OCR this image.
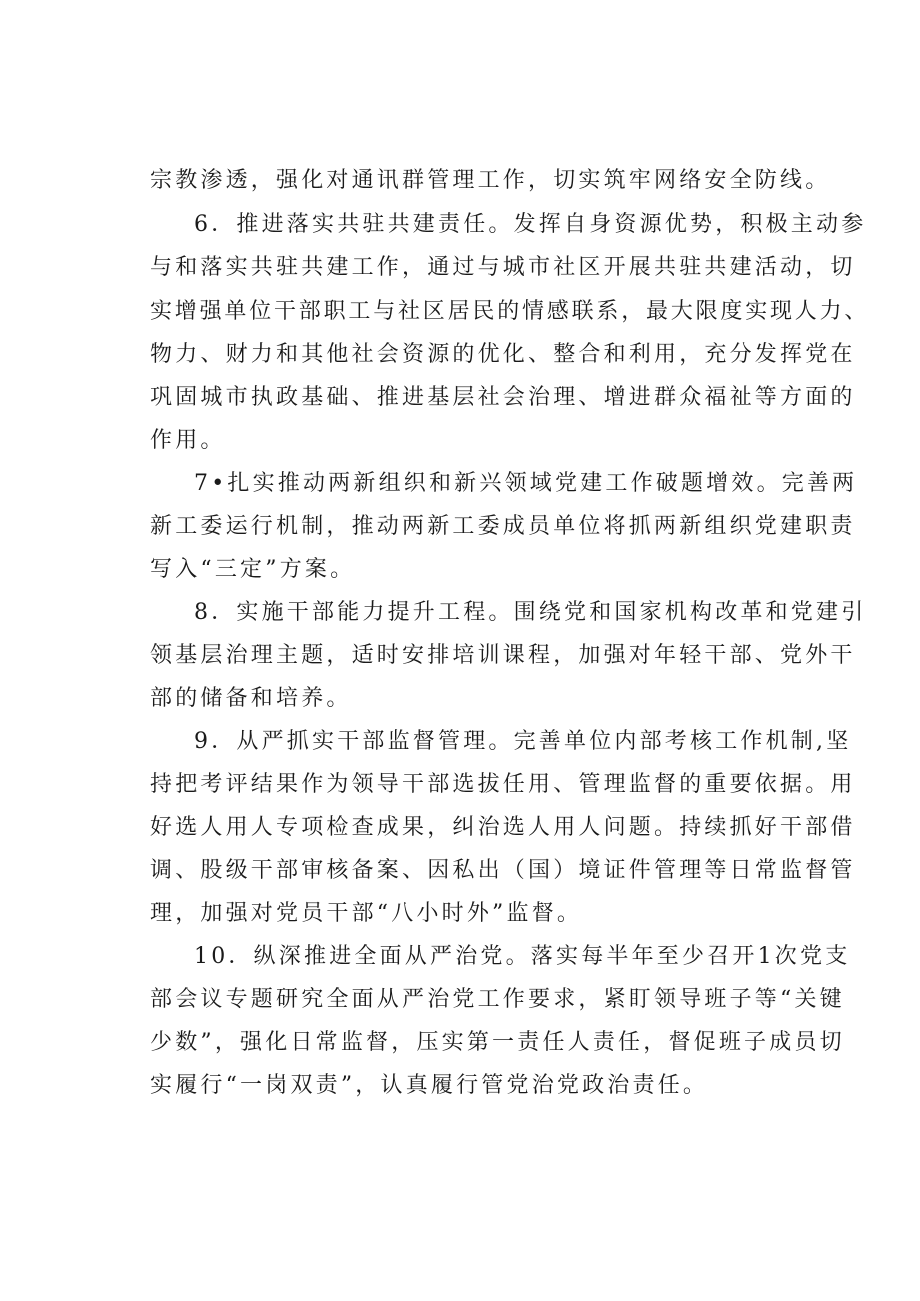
宗教渗透，强化对通讯群管理工作，切实筑牢网络安全防线。
6．推进落实共驻共建责任。发挥自身资源优势，积极主动参
与和落实共驻共建工作，通过与城市社区开展共驻共建活动，切
实增强单位干部职工与社区居民的情感联系，最大限度实现人力、
物力、财力和其他社会资源的优化、整合和利用，充分发挥党在
巩固城市执政基础、推进基层社会治理、增进群众福祉等方面的
作用。
7•扎实推动两新组织和新兴领域党建工作破题增效。完善两
新工委运行机制，推动两新工委成员单位将抓两新组织党建职责
写入“三定”方案。
8．实施干部能力提升工程。围绕党和国家机构改革和党建引
领基层治理主题，适时安排培训课程，加强对年轻干部、党外干
部的储备和培养。
9．从严抓实干部监督管理。完善单位内部考核工作机制,坚
持把考评结果作为领导干部选拔任用、管理监督的重要依据。用
好选人用人专项检查成果，纠治选人用人问题。持续抓好干部借
调、股级干部审核备案、因私出（国）境证件管理等日常监督管
理，加强对党员干部“八小时外”监督。
10．纵深推进全面从严治党。落实每半年至少召开1次党支
部会议专题研究全面从严治党工作要求，紧盯领导班子等“关键
少数”，强化日常监督，压实第一责任人责任，督促班子成员切
实履行“一岗双责”，认真履行管党治党政治责任。
